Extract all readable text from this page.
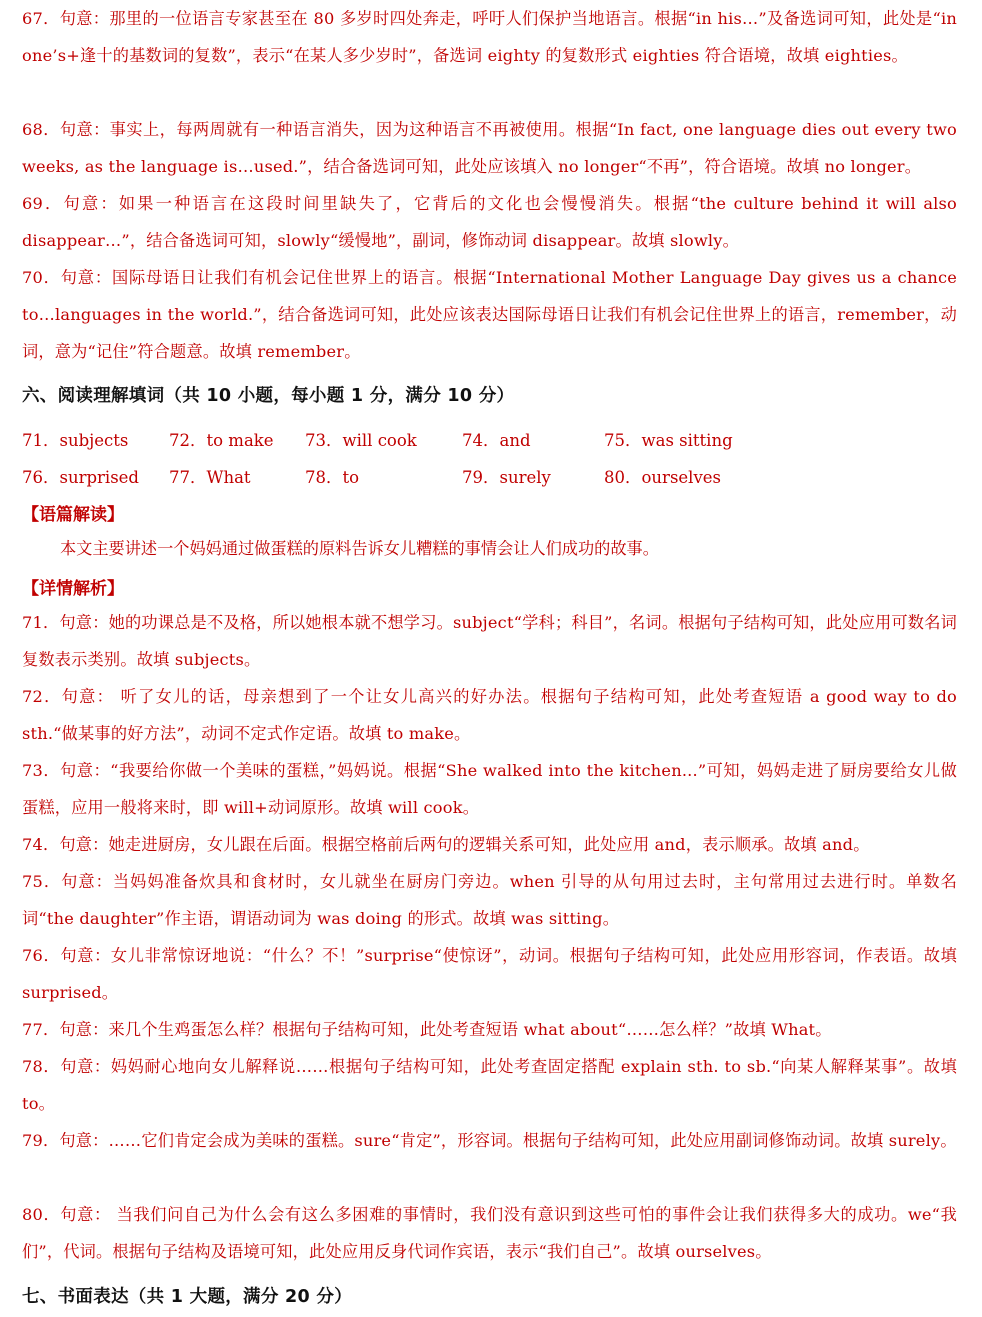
67．句意：那里的一位语言专家甚至在 80 多岁时四处奔走，呼吁人们保护当地语言。根据“in his…”及备选词可知，此处是“in one’s+逢十的基数词的复数”，表示“在某人多少岁时”，备选词 eighty 的复数形式 eighties 符合语境，故填 eighties。
68．句意：事实上，每两周就有一种语言消失，因为这种语言不再被使用。根据“In fact, one language dies out every two weeks, as the language is…used.”，结合备选词可知，此处应该填入 no longer“不再”，符合语境。故填 no longer。
69．句意：如果一种语言在这段时间里缺失了，它背后的文化也会慢慢消失。根据“the culture behind it will also disappear…”，结合备选词可知，slowly“缓慢地”，副词，修饰动词 disappear。故填 slowly。
70．句意：国际母语日让我们有机会记住世界上的语言。根据“International Mother Language Day gives us a chance to…languages in the world.”，结合备选词可知，此处应该表达国际母语日让我们有机会记住世界上的语言，remember，动词，意为“记住”符合题意。故填 remember。
六、阅读理解填词（共 10 小题，每小题 1 分，满分 10 分）
71．subjects 72．to make 73．will cook	74．and	75．was sitting
76．surprised 77．What	78．to	79．surely	80．ourselves
【语篇解读】
本文主要讲述一个妈妈通过做蛋糕的原料告诉女儿糟糕的事情会让人们成功的故事。
【详情解析】
71．句意：她的功课总是不及格，所以她根本就不想学习。subject“学科；科目”，名词。根据句子结构可知，此处应用可数名词复数表示类别。故填 subjects。
72．句意： 听了女儿的话，母亲想到了一个让女儿高兴的好办法。根据句子结构可知，此处考查短语 a good way to do sth.“做某事的好方法”，动词不定式作定语。故填 to make。
73．句意：“我要给你做一个美味的蛋糕，”妈妈说。根据“She walked into the kitchen...”可知，妈妈走进了厨房要给女儿做蛋糕，应用一般将来时，即 will+动词原形。故填 will cook。
74．句意：她走进厨房，女儿跟在后面。根据空格前后两句的逻辑关系可知，此处应用 and，表示顺承。故填 and。
75．句意：当妈妈准备炊具和食材时，女儿就坐在厨房门旁边。when 引导的从句用过去时，主句常用过去进行时。单数名词“the daughter”作主语，谓语动词为 was doing 的形式。故填 was sitting。
76．句意：女儿非常惊讶地说：“什么？不！”surprise“使惊讶”，动词。根据句子结构可知，此处应用形容词，作表语。故填 surprised。
77．句意：来几个生鸡蛋怎么样？根据句子结构可知，此处考查短语 what about“……怎么样？”故填 What。
78．句意：妈妈耐心地向女儿解释说……根据句子结构可知，此处考查固定搭配 explain sth. to sb.“向某人解释某事”。故填 to。
79．句意：……它们肯定会成为美味的蛋糕。sure“肯定”，形容词。根据句子结构可知，此处应用副词修饰动词。故填 surely。
80．句意： 当我们问自己为什么会有这么多困难的事情时，我们没有意识到这些可怕的事件会让我们获得多大的成功。we“我们”，代词。根据句子结构及语境可知，此处应用反身代词作宾语，表示“我们自己”。故填 ourselves。
七、书面表达（共 1 大题，满分 20 分）
